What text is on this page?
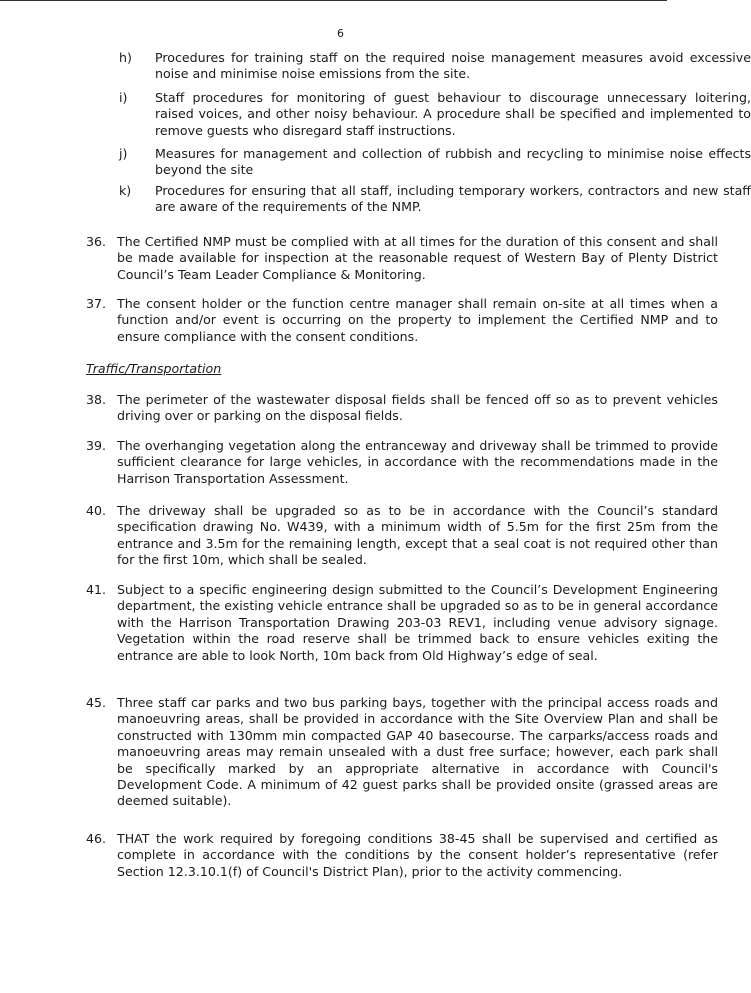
6
h) Procedures for training staff on the required noise management measures avoid excessive noise and minimise noise emissions from the site.
i) Staff procedures for monitoring of guest behaviour to discourage unnecessary loitering, raised voices, and other noisy behaviour. A procedure shall be specified and implemented to remove guests who disregard staff instructions.
j) Measures for management and collection of rubbish and recycling to minimise noise effects beyond the site
k) Procedures for ensuring that all staff, including temporary workers, contractors and new staff are aware of the requirements of the NMP.
36. The Certified NMP must be complied with at all times for the duration of this consent and shall be made available for inspection at the reasonable request of Western Bay of Plenty District Council’s Team Leader Compliance & Monitoring.
37. The consent holder or the function centre manager shall remain on-site at all times when a function and/or event is occurring on the property to implement the Certified NMP and to ensure compliance with the consent conditions.
Traffic/Transportation
38. The perimeter of the wastewater disposal fields shall be fenced off so as to prevent vehicles driving over or parking on the disposal fields.
39. The overhanging vegetation along the entranceway and driveway shall be trimmed to provide sufficient clearance for large vehicles, in accordance with the recommendations made in the Harrison Transportation Assessment.
40. The driveway shall be upgraded so as to be in accordance with the Council’s standard specification drawing No. W439, with a minimum width of 5.5m for the first 25m from the entrance and 3.5m for the remaining length, except that a seal coat is not required other than for the first 10m, which shall be sealed.
41. Subject to a specific engineering design submitted to the Council’s Development Engineering department, the existing vehicle entrance shall be upgraded so as to be in general accordance with the Harrison Transportation Drawing 203-03 REV1, including venue advisory signage. Vegetation within the road reserve shall be trimmed back to ensure vehicles exiting the entrance are able to look North, 10m back from Old Highway’s edge of seal.
45. Three staff car parks and two bus parking bays, together with the principal access roads and manoeuvring areas, shall be provided in accordance with the Site Overview Plan and shall be constructed with 130mm min compacted GAP 40 basecourse. The carparks/access roads and manoeuvring areas may remain unsealed with a dust free surface; however, each park shall be specifically marked by an appropriate alternative in accordance with Council's Development Code. A minimum of 42 guest parks shall be provided onsite (grassed areas are deemed suitable).
46. THAT the work required by foregoing conditions 38-45 shall be supervised and certified as complete in accordance with the conditions by the consent holder’s representative (refer Section 12.3.10.1(f) of Council's District Plan), prior to the activity commencing.
